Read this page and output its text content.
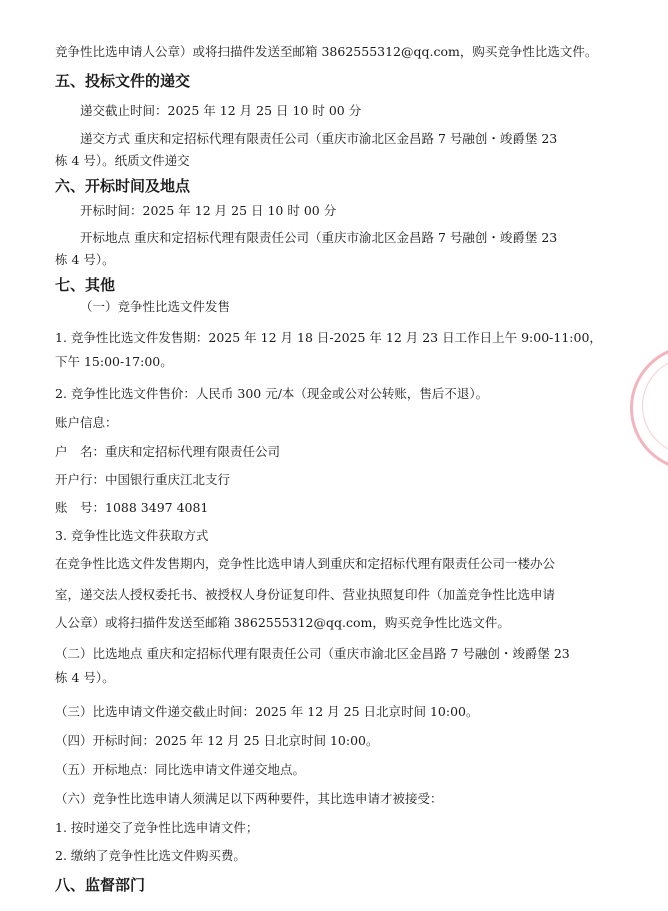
竞争性比选申请人公章）或将扫描件发送至邮箱 3862555312@qq.com，购买竞争性比选文件。
五、投标文件的递交
递交截止时间：2025 年 12 月 25 日 10 时 00 分
递交方式 重庆和定招标代理有限责任公司（重庆市渝北区金昌路 7 号融创・竣爵堡 23
栋 4 号）。纸质文件递交
六、开标时间及地点
开标时间：2025 年 12 月 25 日 10 时 00 分
开标地点 重庆和定招标代理有限责任公司（重庆市渝北区金昌路 7 号融创・竣爵堡 23
栋 4 号）。
七、其他
（一）竞争性比选文件发售
1. 竞争性比选文件发售期：2025 年 12 月 18 日-2025 年 12 月 23 日工作日上午 9:00-11:00，
下午 15:00-17:00。
2. 竞争性比选文件售价：人民币 300 元/本（现金或公对公转账，售后不退）。
账户信息：
户　名：重庆和定招标代理有限责任公司
开户行：中国银行重庆江北支行
账　号：1088 3497 4081
3. 竞争性比选文件获取方式
在竞争性比选文件发售期内，竞争性比选申请人到重庆和定招标代理有限责任公司一楼办公
室，递交法人授权委托书、被授权人身份证复印件、营业执照复印件（加盖竞争性比选申请
人公章）或将扫描件发送至邮箱 3862555312@qq.com，购买竞争性比选文件。
（二）比选地点 重庆和定招标代理有限责任公司（重庆市渝北区金昌路 7 号融创・竣爵堡 23
栋 4 号）。
（三）比选申请文件递交截止时间：2025 年 12 月 25 日北京时间 10:00。
（四）开标时间：2025 年 12 月 25 日北京时间 10:00。
（五）开标地点：同比选申请文件递交地点。
（六）竞争性比选申请人须满足以下两种要件，其比选申请才被接受：
1. 按时递交了竞争性比选申请文件；
2. 缴纳了竞争性比选文件购买费。
八、监督部门
